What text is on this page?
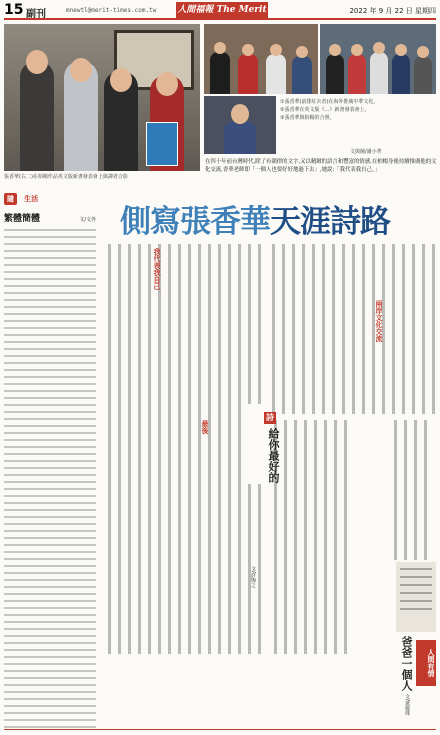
15 副刊	mnewtl@merit-times.com.tw 人間福報 The Merit	2022 年 9 月 22 日 星期四
張香華(右二)在柏楊作品英文版新書發表會上與譯者合影
①張香華(前排紅衣者)在海外推廣中華文化。
②張香華在英文版《…》新書發表會上。
③張香華與柏楊的合照。
文與圖/潘小菁
在四十年前台灣時代,除了有韻律的文字,又以精緻的語言和豐富的情感,在柏楊身後持續推廣他的文化交流,香華老師即「一個人也要好好地過下去」,她說:「我代表我自己。」
隨 生活
繁體簡體	文/文外 側寫張香華天涯詩路
我代表我自己
最後
兩岸文化交流
詩
給你最好的
文/許悔之
人間有情
爸爸一個人
文/黃麗珠
